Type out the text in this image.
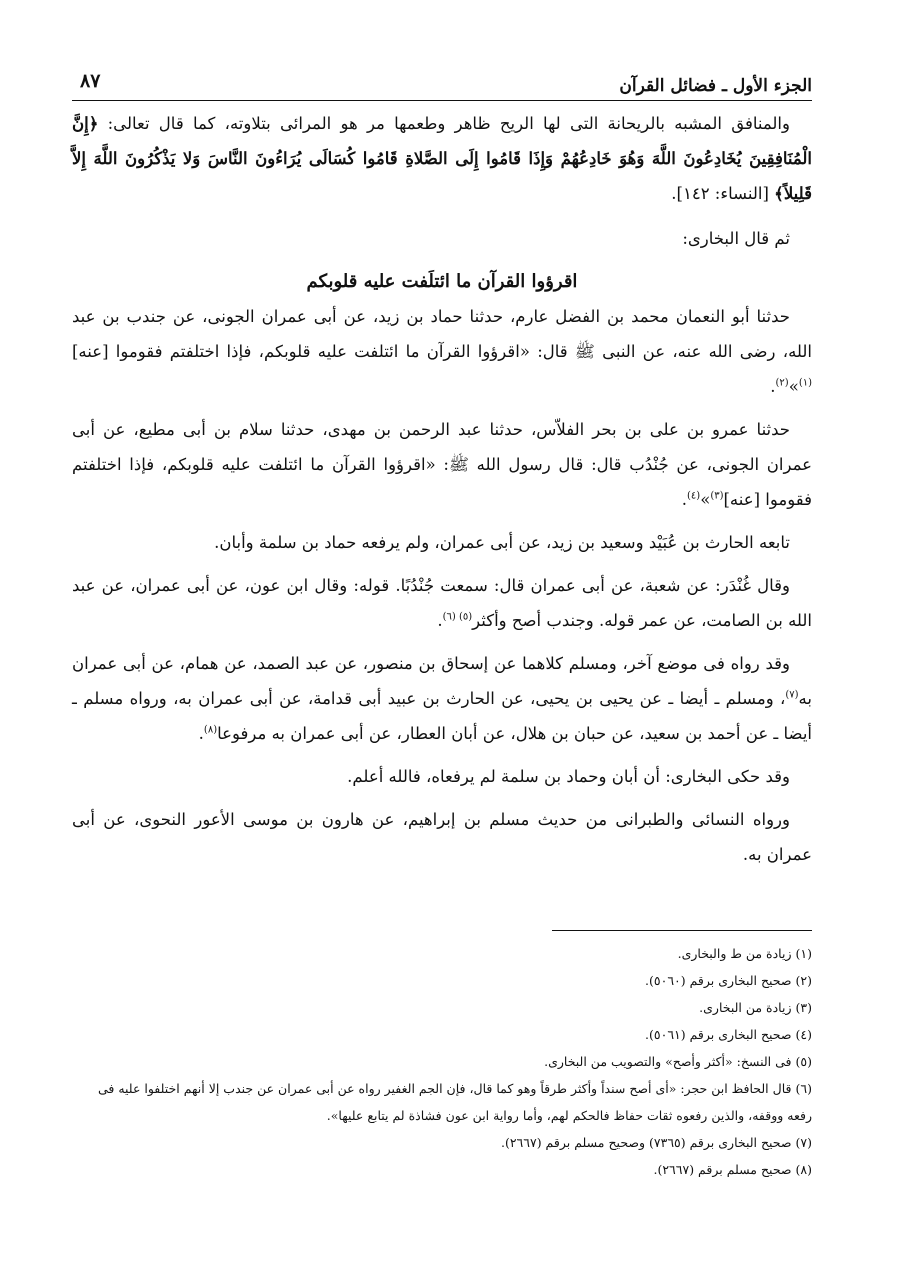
الجزء الأول ـ فضائل القرآن
٨٧

والمنافق المشبه بالريحانة التى لها الريح ظاهر وطعمها مر هو المرائى بتلاوته، كما قال تعالى: ﴿إِنَّ الْمُنَافِقِينَ يُخَادِعُونَ اللَّهَ وَهُوَ خَادِعُهُمْ وَإِذَا قَامُوا إِلَى الصَّلاةِ قَامُوا كُسَالَى يُرَاءُونَ النَّاسَ وَلا يَذْكُرُونَ اللَّهَ إِلاَّ قَلِيلاً﴾ [النساء: ١٤٢].

ثم قال البخارى:

اقرؤوا القرآن ما ائتلَفت عليه قلوبكم

حدثنا أبو النعمان محمد بن الفضل عارم، حدثنا حماد بن زيد، عن أبى عمران الجونى، عن جندب بن عبد الله، رضى الله عنه، عن النبى ﷺ قال: «اقرؤوا القرآن ما ائتلفت عليه قلوبكم، فإذا اختلفتم فقوموا [عنه]$^{(١)}$»$^{(٢)}$.

حدثنا عمرو بن على بن بحر الفلاّس، حدثنا عبد الرحمن بن مهدى، حدثنا سلام بن أبى مطيع، عن أبى عمران الجونى، عن جُنْدُب قال: قال رسول الله ﷺ: «اقرؤوا القرآن ما ائتلفت عليه قلوبكم، فإذا اختلفتم فقوموا [عنه]$^{(٣)}$»$^{(٤)}$.

تابعه الحارث بن عُبَيْد وسعيد بن زيد، عن أبى عمران، ولم يرفعه حماد بن سلمة وأبان.

وقال غُنْدَر: عن شعبة، عن أبى عمران قال: سمعت جُنْدُبًا. قوله: وقال ابن عون، عن أبى عمران، عن عبد الله بن الصامت، عن عمر قوله. وجندب أصح وأكثر$^{(٥) (٦)}$.

وقد رواه فى موضع آخر، ومسلم كلاهما عن إسحاق بن منصور، عن عبد الصمد، عن همام، عن أبى عمران به$^{(٧)}$، ومسلم ـ أيضا ـ عن يحيى بن يحيى، عن الحارث بن عبيد أبى قدامة، عن أبى عمران به، ورواه مسلم ـ أيضا ـ عن أحمد بن سعيد، عن حبان بن هلال، عن أبان العطار، عن أبى عمران به مرفوعا$^{(٨)}$.

وقد حكى البخارى: أن أبان وحماد بن سلمة لم يرفعاه، فالله أعلم.

ورواه النسائى والطبرانى من حديث مسلم بن إبراهيم، عن هارون بن موسى الأعور النحوى، عن أبى عمران به.

(١)زيادة من ط والبخارى.

(٢)صحيح البخارى برقم (٥٠٦٠).

(٣)زيادة من البخارى.

(٤)صحيح البخارى برقم (٥٠٦١).

(٥)فى النسخ: «أكثر وأصح» والتصويب من البخارى.

(٦)قال الحافظ ابن حجر: «أى أصح سنداً وأكثر طرقاً وهو كما قال، فإن الجم الغفير رواه عن أبى عمران عن جندب إلا أنهم اختلفوا عليه فى رفعه ووقفه، والذين رفعوه ثقات حفاظ فالحكم لهم، وأما رواية ابن عون فشاذة لم يتابع عليها».

(٧)صحيح البخارى برقم (٧٣٦٥) وصحيح مسلم برقم (٢٦٦٧).

(٨)صحيح مسلم برقم (٢٦٦٧).
